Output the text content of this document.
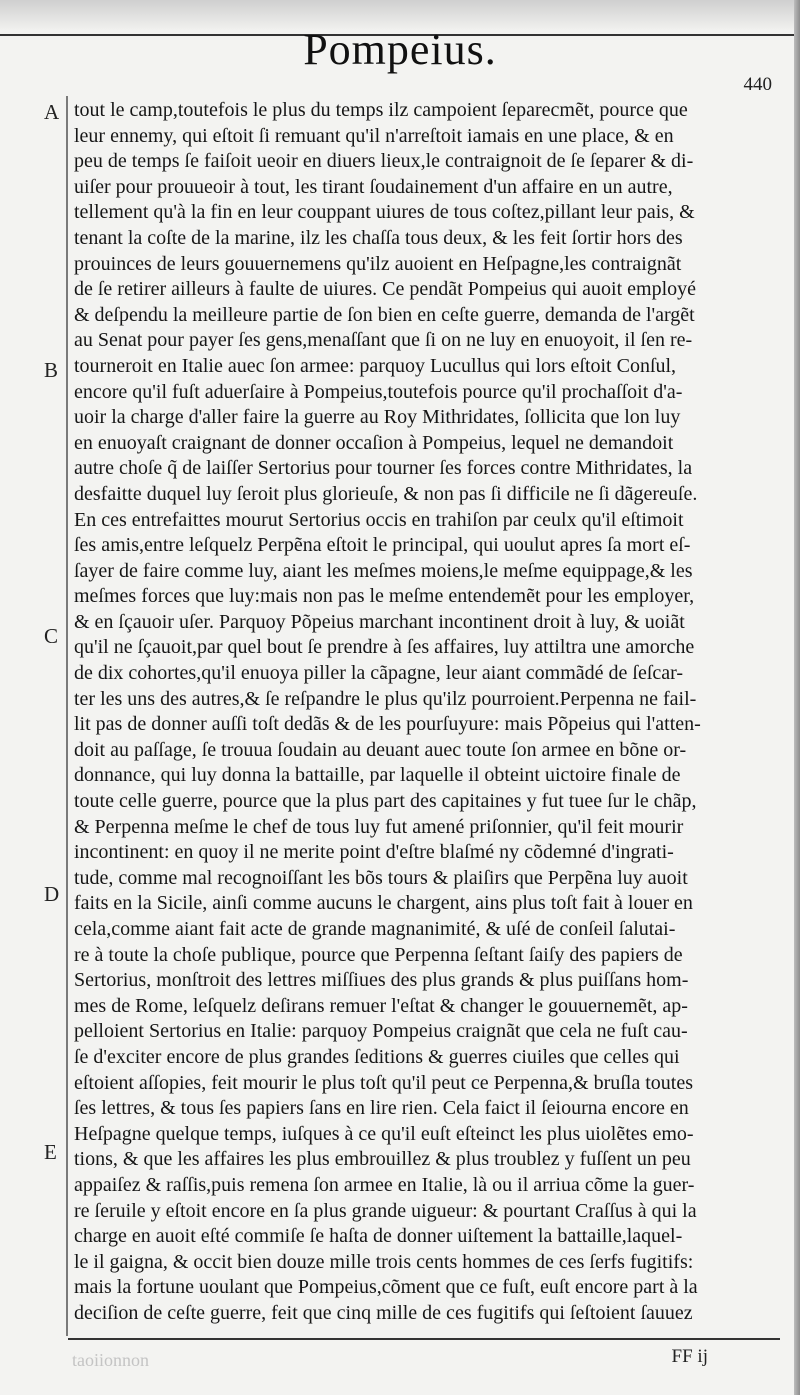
Pompeius.
440
A
B
C
D
E
tout le camp,toutefois le plus du temps ilz campoient ſeparecmẽt, pource que
leur ennemy, qui eſtoit ſi remuant qu'il n'arreſtoit iamais en une place, & en
peu de temps ſe faiſoit ueoir en diuers lieux,le contraignoit de ſe ſeparer & di-
uiſer pour prouueoir à tout, les tirant ſoudainement d'un affaire en un autre,
tellement qu'à la fin en leur couppant uiures de tous coſtez,pillant leur pais, &
tenant la coſte de la marine, ilz les chaſſa tous deux, & les feit ſortir hors des
prouinces de leurs gouuernemens qu'ilz auoient en Heſpagne,les contraignãt
de ſe retirer ailleurs à faulte de uiures. Ce pendãt Pompeius qui auoit employé
& deſpendu la meilleure partie de ſon bien en ceſte guerre, demanda de l'argẽt
au Senat pour payer ſes gens,menaſſant que ſi on ne luy en enuoyoit, il ſen re-
tourneroit en Italie auec ſon armee: parquoy Lucullus qui lors eſtoit Conſul,
encore qu'il fuſt aduerſaire à Pompeius,toutefois pource qu'il prochaſſoit d'a-
uoir la charge d'aller faire la guerre au Roy Mithridates, ſollicita que lon luy
en enuoyaſt craignant de donner occaſion à Pompeius, lequel ne demandoit
autre choſe q̃ de laiſſer Sertorius pour tourner ſes forces contre Mithridates, la
desfaitte duquel luy ſeroit plus glorieuſe, & non pas ſi difficile ne ſi dãgereuſe.
En ces entrefaittes mourut Sertorius occis en trahiſon par ceulx qu'il eſtimoit
ſes amis,entre leſquelz Perpẽna eſtoit le principal, qui uoulut apres ſa mort eſ-
ſayer de faire comme luy, aiant les meſmes moiens,le meſme equippage,& les
meſmes forces que luy:mais non pas le meſme entendemẽt pour les employer,
& en ſçauoir uſer. Parquoy Põpeius marchant incontinent droit à luy, & uoiãt
qu'il ne ſçauoit,par quel bout ſe prendre à ſes affaires, luy attiltra une amorche
de dix cohortes,qu'il enuoya piller la cãpagne, leur aiant commãdé de ſeſcar-
ter les uns des autres,& ſe reſpandre le plus qu'ilz pourroient.Perpenna ne fail-
lit pas de donner auſſi toſt dedãs & de les pourſuyure: mais Põpeius qui l'atten-
doit au paſſage, ſe trouua ſoudain au deuant auec toute ſon armee en bõne or-
donnance, qui luy donna la battaille, par laquelle il obteint uictoire finale de
toute celle guerre, pource que la plus part des capitaines y fut tuee ſur le chãp,
& Perpenna meſme le chef de tous luy fut amené priſonnier, qu'il feit mourir
incontinent: en quoy il ne merite point d'eſtre blaſmé ny cõdemné d'ingrati-
tude, comme mal recognoiſſant les bõs tours & plaiſirs que Perpẽna luy auoit
faits en la Sicile, ainſi comme aucuns le chargent, ains plus toſt fait à louer en
cela,comme aiant fait acte de grande magnanimité, & uſé de conſeil ſalutai-
re à toute la choſe publique, pource que Perpenna ſeſtant ſaiſy des papiers de
Sertorius, monſtroit des lettres miſſiues des plus grands & plus puiſſans hom-
mes de Rome, leſquelz deſirans remuer l'eſtat & changer le gouuernemẽt, ap-
pelloient Sertorius en Italie: parquoy Pompeius craignãt que cela ne fuſt cau-
ſe d'exciter encore de plus grandes ſeditions & guerres ciuiles que celles qui
eſtoient aſſopies, feit mourir le plus toſt qu'il peut ce Perpenna,& bruſla toutes
ſes lettres, & tous ſes papiers ſans en lire rien. Cela faict il ſeiourna encore en
Heſpagne quelque temps, iuſques à ce qu'il euſt eſteinct les plus uiolẽtes emo-
tions, & que les affaires les plus embrouillez & plus troublez y fuſſent un peu
appaiſez & raſſis,puis remena ſon armee en Italie, là ou il arriua cõme la guer-
re ſeruile y eſtoit encore en ſa plus grande uigueur: & pourtant Craſſus à qui la
charge en auoit eſté commiſe ſe haſta de donner uiſtement la battaille,laquel-
le il gaigna, & occit bien douze mille trois cents hommes de ces ſerfs fugitifs:
mais la fortune uoulant que Pompeius,cõment que ce fuſt, euſt encore part à la
deciſion de ceſte guerre, feit que cinq mille de ces fugitifs qui ſeſtoient ſauuez
taoiionnon	FF ij
